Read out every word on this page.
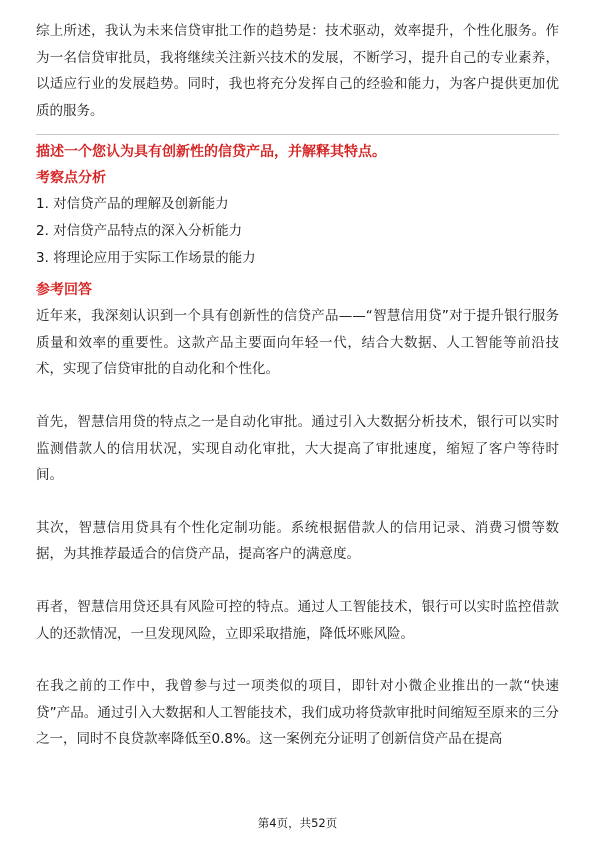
综上所述，我认为未来信贷审批工作的趋势是：技术驱动，效率提升，个性化服务。作为一名信贷审批员，我将继续关注新兴技术的发展，不断学习，提升自己的专业素养，以适应行业的发展趋势。同时，我也将充分发挥自己的经验和能力，为客户提供更加优质的服务。

描述一个您认为具有创新性的信贷产品，并解释其特点。
考察点分析
1. 对信贷产品的理解及创新能力
2. 对信贷产品特点的深入分析能力
3. 将理论应用于实际工作场景的能力
参考回答

近年来，我深刻认识到一个具有创新性的信贷产品——“智慧信用贷”对于提升银行服务质量和效率的重要性。这款产品主要面向年轻一代，结合大数据、人工智能等前沿技术，实现了信贷审批的自动化和个性化。

首先，智慧信用贷的特点之一是自动化审批。通过引入大数据分析技术，银行可以实时监测借款人的信用状况，实现自动化审批，大大提高了审批速度，缩短了客户等待时间。

其次，智慧信用贷具有个性化定制功能。系统根据借款人的信用记录、消费习惯等数据，为其推荐最适合的信贷产品，提高客户的满意度。

再者，智慧信用贷还具有风险可控的特点。通过人工智能技术，银行可以实时监控借款人的还款情况，一旦发现风险，立即采取措施，降低坏账风险。

在我之前的工作中，我曾参与过一项类似的项目，即针对小微企业推出的一款“快速贷”产品。通过引入大数据和人工智能技术，我们成功将贷款审批时间缩短至原来的三分之一，同时不良贷款率降低至0.8%。这一案例充分证明了创新信贷产品在提高

第4页，共52页
